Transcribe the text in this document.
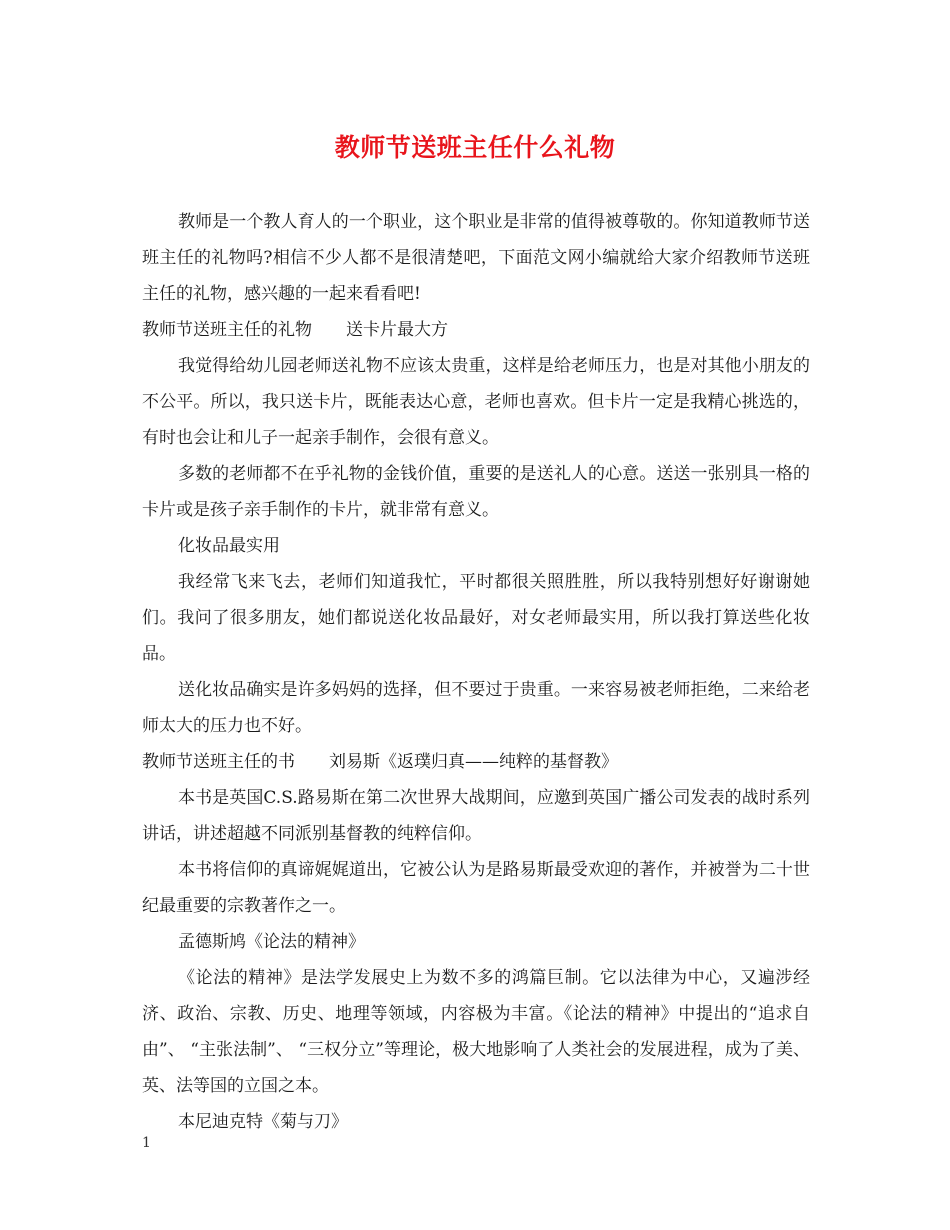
教师节送班主任什么礼物

教师是一个教人育人的一个职业，这个职业是非常的值得被尊敬的。你知道教师节送班主任的礼物吗?相信不少人都不是很清楚吧，下面范文网小编就给大家介绍教师节送班主任的礼物，感兴趣的一起来看看吧!

教师节送班主任的礼物　　送卡片最大方

我觉得给幼儿园老师送礼物不应该太贵重，这样是给老师压力，也是对其他小朋友的不公平。所以，我只送卡片，既能表达心意，老师也喜欢。但卡片一定是我精心挑选的，有时也会让和儿子一起亲手制作，会很有意义。

多数的老师都不在乎礼物的金钱价值，重要的是送礼人的心意。送送一张别具一格的卡片或是孩子亲手制作的卡片，就非常有意义。

化妆品最实用

我经常飞来飞去，老师们知道我忙，平时都很关照胜胜，所以我特别想好好谢谢她们。我问了很多朋友，她们都说送化妆品最好，对女老师最实用，所以我打算送些化妆品。

送化妆品确实是许多妈妈的选择，但不要过于贵重。一来容易被老师拒绝，二来给老师太大的压力也不好。

教师节送班主任的书　　刘易斯《返璞归真——纯粹的基督教》

本书是英国C.S.路易斯在第二次世界大战期间，应邀到英国广播公司发表的战时系列讲话，讲述超越不同派别基督教的纯粹信仰。

本书将信仰的真谛娓娓道出，它被公认为是路易斯最受欢迎的著作，并被誉为二十世纪最重要的宗教著作之一。

孟德斯鸠《论法的精神》

《论法的精神》是法学发展史上为数不多的鸿篇巨制。它以法律为中心，又遍涉经济、政治、宗教、历史、地理等领域，内容极为丰富。《论法的精神》中提出的“追求自由”、 “主张法制”、 “三权分立”等理论，极大地影响了人类社会的发展进程，成为了美、英、法等国的立国之本。

本尼迪克特《菊与刀》

1
